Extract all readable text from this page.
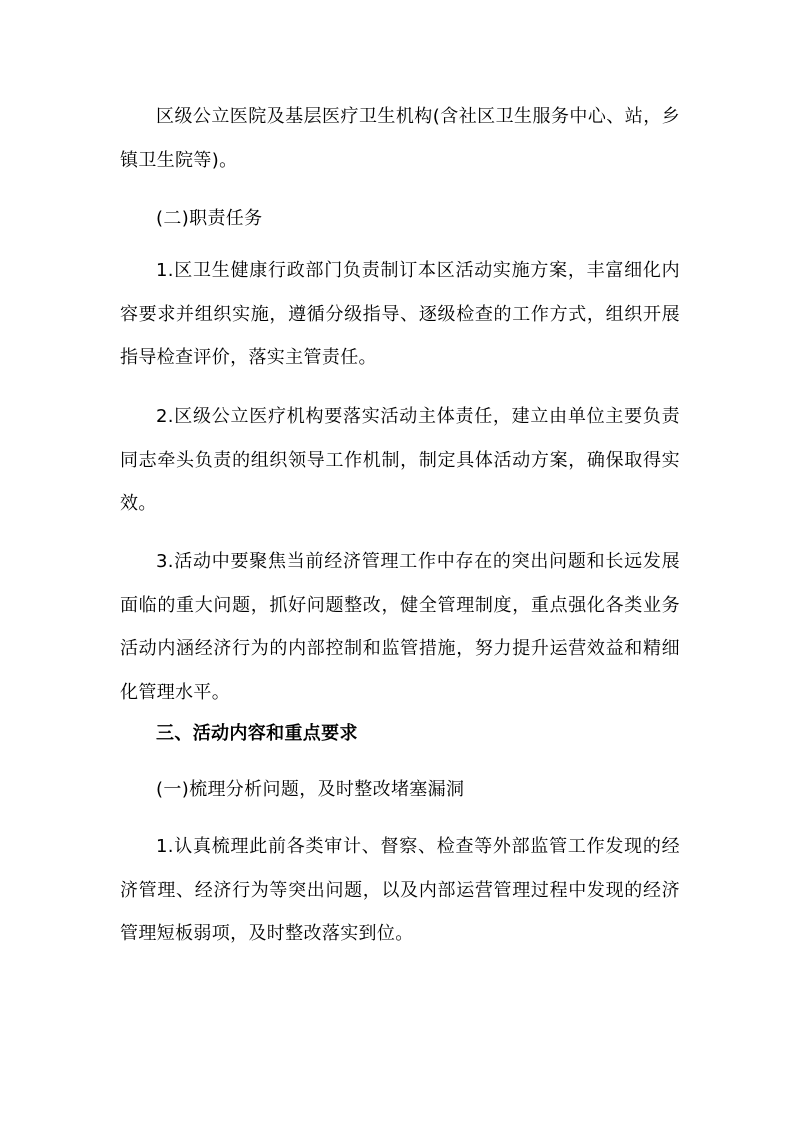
区级公立医院及基层医疗卫生机构(含社区卫生服务中心、站，乡镇卫生院等)。

(二)职责任务

1.区卫生健康行政部门负责制订本区活动实施方案，丰富细化内容要求并组织实施，遵循分级指导、逐级检查的工作方式，组织开展指导检查评价，落实主管责任。

2.区级公立医疗机构要落实活动主体责任，建立由单位主要负责同志牵头负责的组织领导工作机制，制定具体活动方案，确保取得实效。

3.活动中要聚焦当前经济管理工作中存在的突出问题和长远发展面临的重大问题，抓好问题整改，健全管理制度，重点强化各类业务活动内涵经济行为的内部控制和监管措施，努力提升运营效益和精细化管理水平。

三、活动内容和重点要求

(一)梳理分析问题，及时整改堵塞漏洞

1.认真梳理此前各类审计、督察、检查等外部监管工作发现的经济管理、经济行为等突出问题，以及内部运营管理过程中发现的经济管理短板弱项，及时整改落实到位。
